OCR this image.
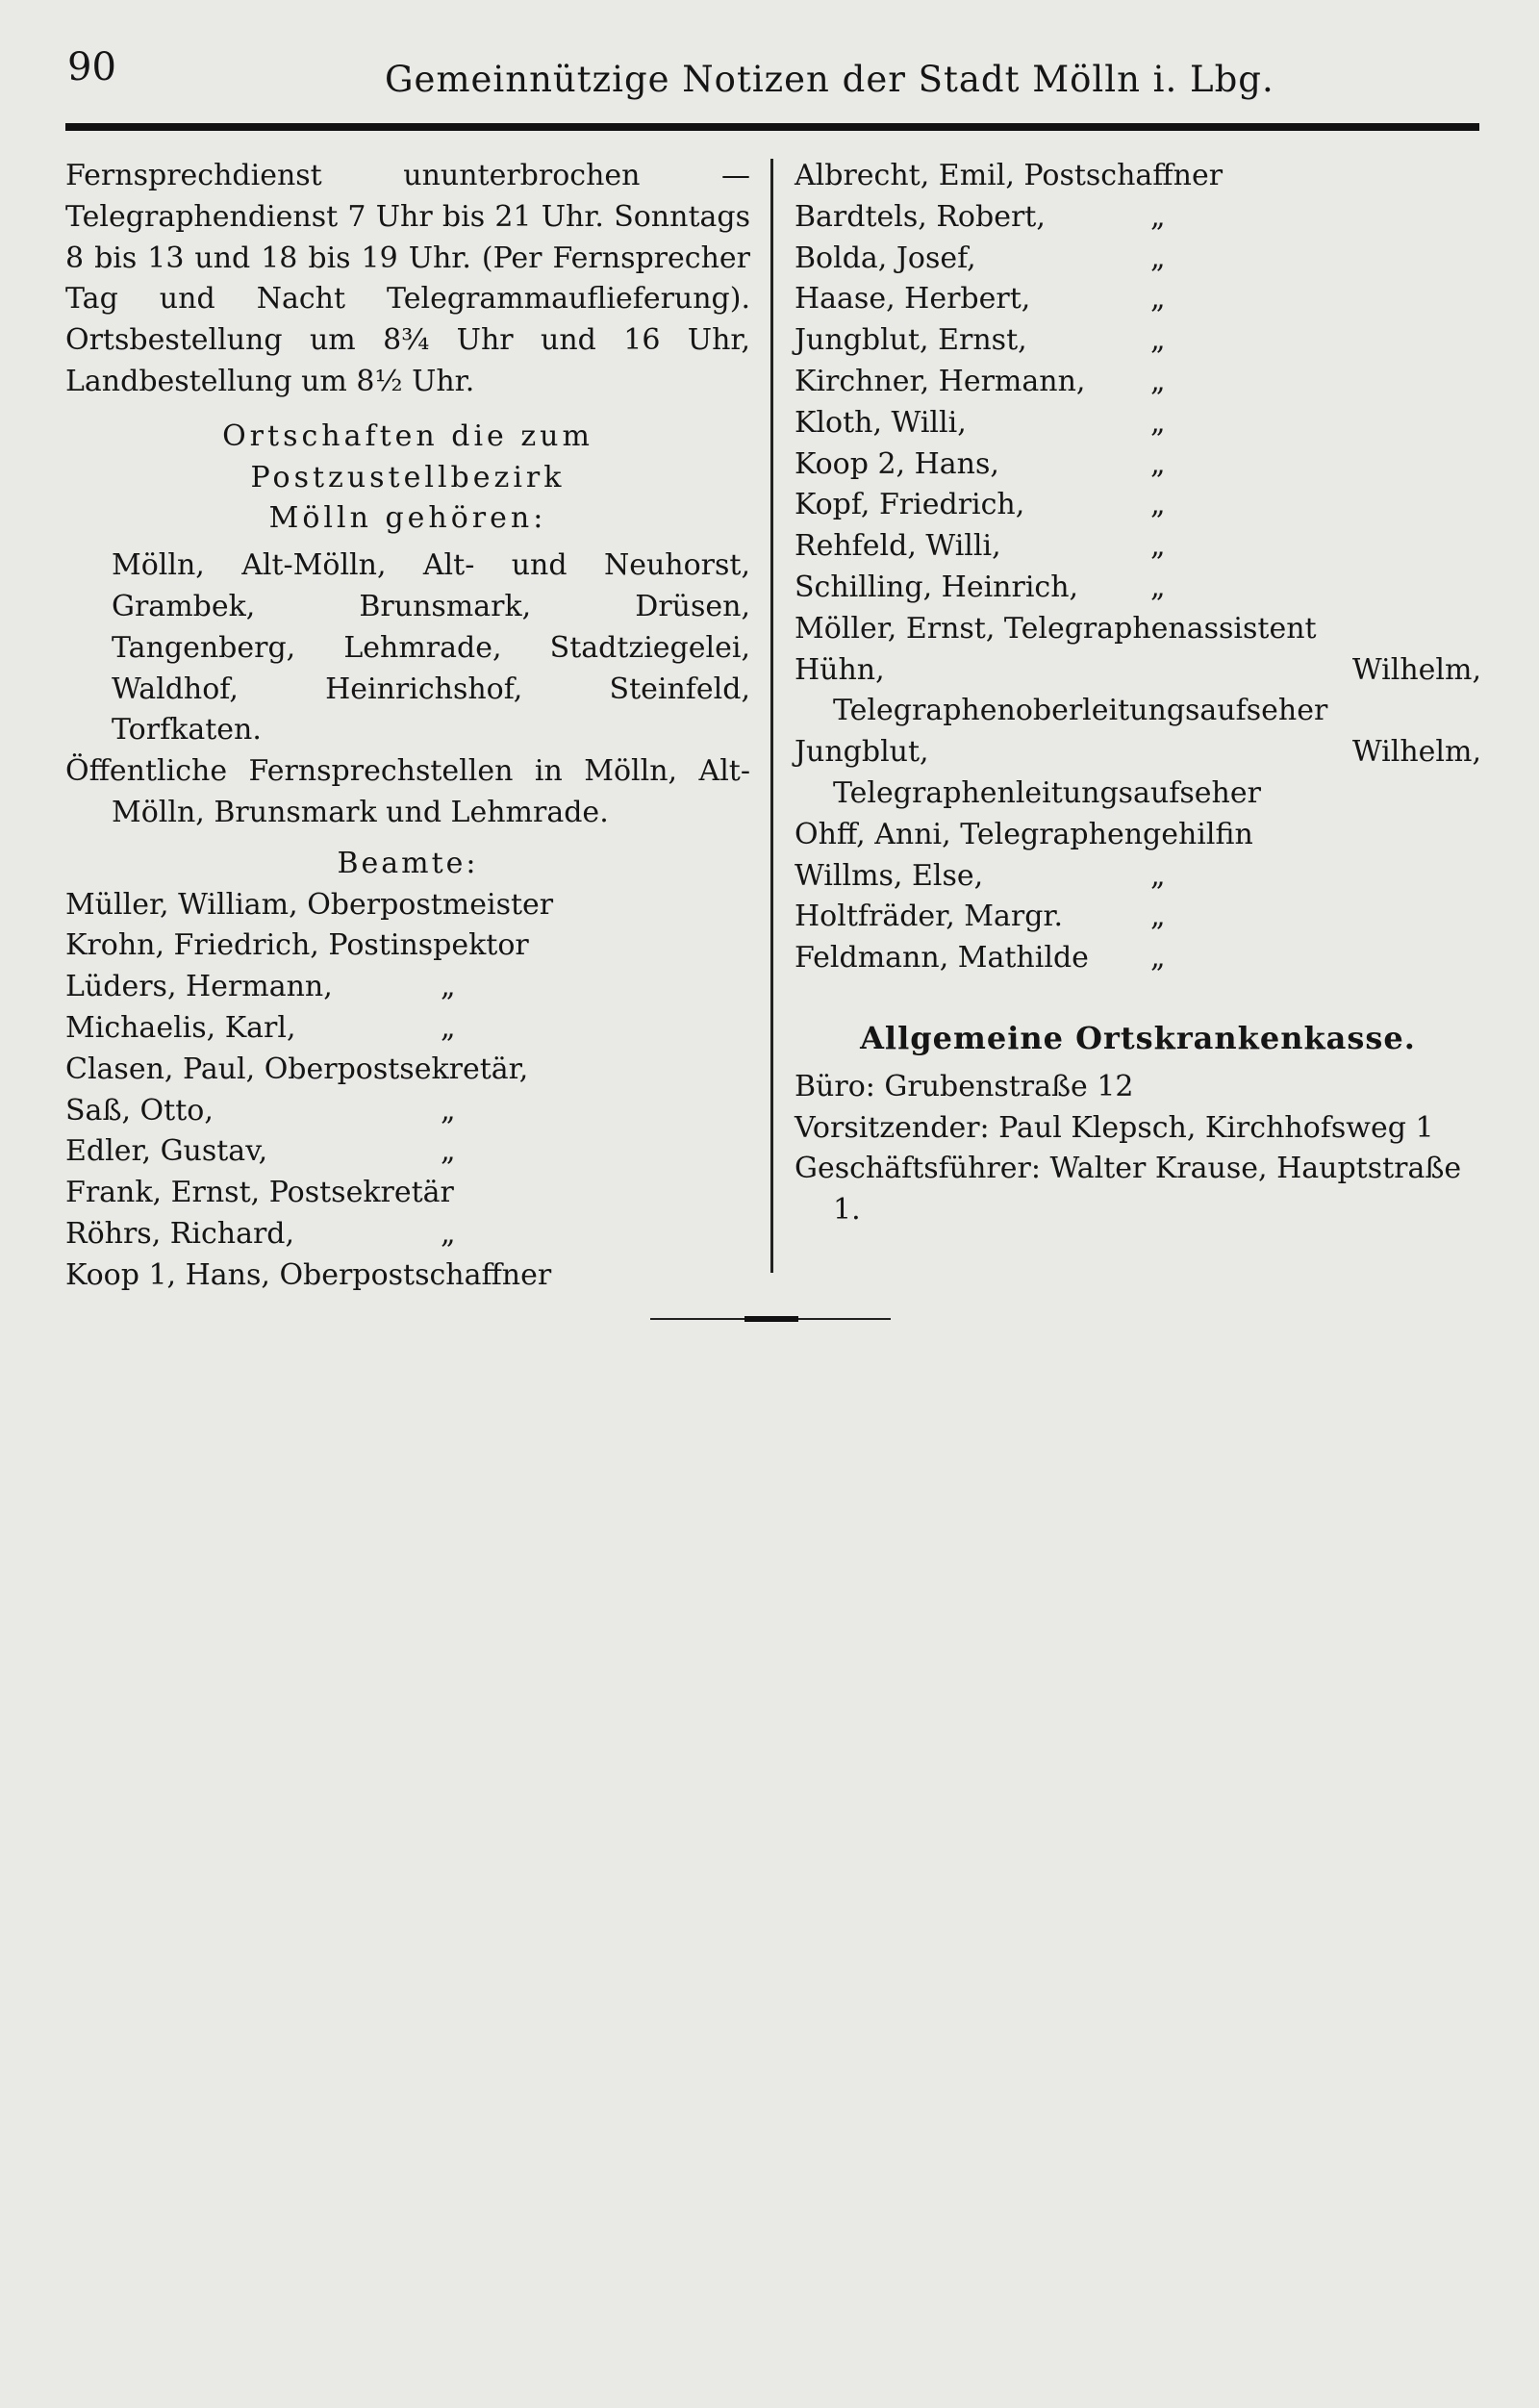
90	Gemeinnützige Notizen der Stadt Mölln i. Lbg.

Fernsprechdienst ununterbrochen — Telegraphendienst 7 Uhr bis 21 Uhr. Sonntags 8 bis 13 und 18 bis 19 Uhr. (Per Fernsprecher Tag und Nacht Telegrammauflieferung). Ortsbestellung um 8¾ Uhr und 16 Uhr, Landbestellung um 8½ Uhr.

Ortschaften die zum Postzustellbezirk
Mölln gehören:

Mölln, Alt-Mölln, Alt- und Neuhorst, Grambek, Brunsmark, Drüsen, Tangenberg, Lehmrade, Stadtziegelei, Waldhof, Heinrichshof, Steinfeld, Torfkaten.

Öffentliche Fernsprechstellen in Mölln, Alt-Mölln, Brunsmark und Lehmrade.

Beamte:
Müller, William, Oberpostmeister
Krohn, Friedrich, Postinspektor
Lüders, Hermann,	„
Michaelis, Karl,	„
Clasen, Paul, Oberpostsekretär,
Saß, Otto,	„
Edler, Gustav,	„
Frank, Ernst, Postsekretär
Röhrs, Richard,	„
Koop 1, Hans, Oberpostschaffner
Albrecht, Emil, Postschaffner
Bardtels, Robert,	„
Bolda, Josef,	„
Haase, Herbert,	„
Jungblut, Ernst,	„
Kirchner, Hermann, „
Kloth, Willi,	„
Koop 2, Hans,	„
Kopf, Friedrich,	„
Rehfeld, Willi,	„
Schilling, Heinrich, „
Möller, Ernst, Telegraphenassistent

Hühn, Wilhelm, Telegraphenoberleitungsaufseher

Jungblut, Wilhelm, Telegraphenleitungsaufseher

Ohff, Anni, Telegraphengehilfin
Willms, Else,	„
Holtfräder, Margr.	„
Feldmann, Mathilde „
Allgemeine Ortskrankenkasse.

Büro: Grubenstraße 12

Vorsitzender: Paul Klepsch, Kirchhofsweg 1

Geschäftsführer: Walter Krause, Hauptstraße 1.
